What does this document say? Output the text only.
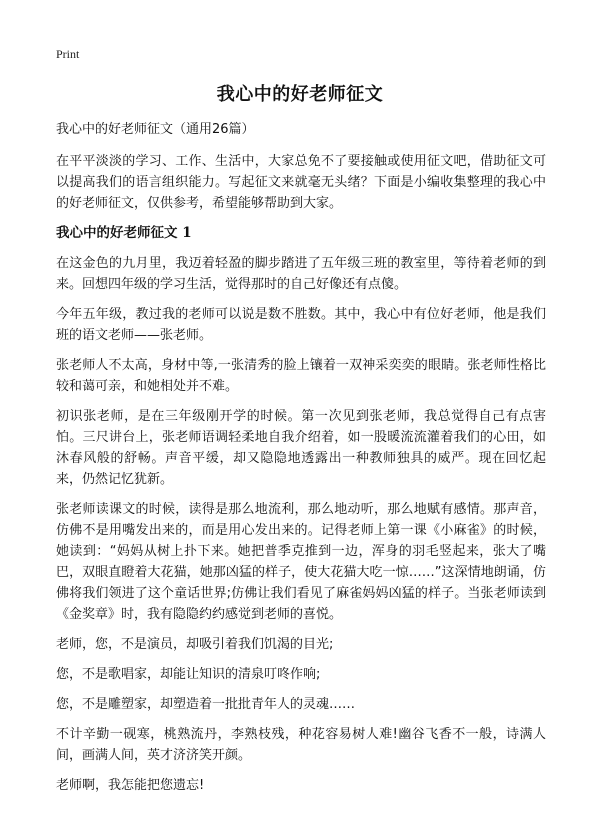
Print
我心中的好老师征文
我心中的好老师征文（通用26篇）

在平平淡淡的学习、工作、生活中，大家总免不了要接触或使用征文吧，借助征文可以提高我们的语言组织能力。写起征文来就毫无头绪？下面是小编收集整理的我心中的好老师征文，仅供参考，希望能够帮助到大家。

我心中的好老师征文 1

在这金色的九月里，我迈着轻盈的脚步踏进了五年级三班的教室里，等待着老师的到来。回想四年级的学习生活，觉得那时的自己好像还有点傻。

今年五年级，教过我的老师可以说是数不胜数。其中，我心中有位好老师，他是我们班的语文老师——张老师。

张老师人不太高，身材中等,一张清秀的脸上镶着一双神采奕奕的眼睛。张老师性格比较和蔼可亲，和她相处并不难。

初识张老师，是在三年级刚开学的时候。第一次见到张老师，我总觉得自己有点害怕。三尺讲台上，张老师语调轻柔地自我介绍着，如一股暖流流灌着我们的心田，如沐春风般的舒畅。声音平缓，却又隐隐地透露出一种教师独具的威严。现在回忆起来，仍然记忆犹新。

张老师读课文的时候，读得是那么地流利，那么地动听，那么地赋有感情。那声音，仿佛不是用嘴发出来的，而是用心发出来的。记得老师上第一课《小麻雀》的时候，她读到：“妈妈从树上扑下来。她把普季克推到一边，浑身的羽毛竖起来，张大了嘴巴，双眼直瞪着大花猫，她那凶猛的样子，使大花猫大吃一惊……”这深情地朗诵，仿佛将我们领进了这个童话世界;仿佛让我们看见了麻雀妈妈凶猛的样子。当张老师读到《金奖章》时，我有隐隐约约感觉到老师的喜悦。

老师，您，不是演员，却吸引着我们饥渴的目光;

您，不是歌唱家，却能让知识的清泉叮咚作响;

您，不是雕塑家，却塑造着一批批青年人的灵魂……

不计辛勤一砚寒，桃熟流丹，李熟枝残，种花容易树人难!幽谷飞香不一般，诗满人间，画满人间，英才济济笑开颜。

老师啊，我怎能把您遗忘!
